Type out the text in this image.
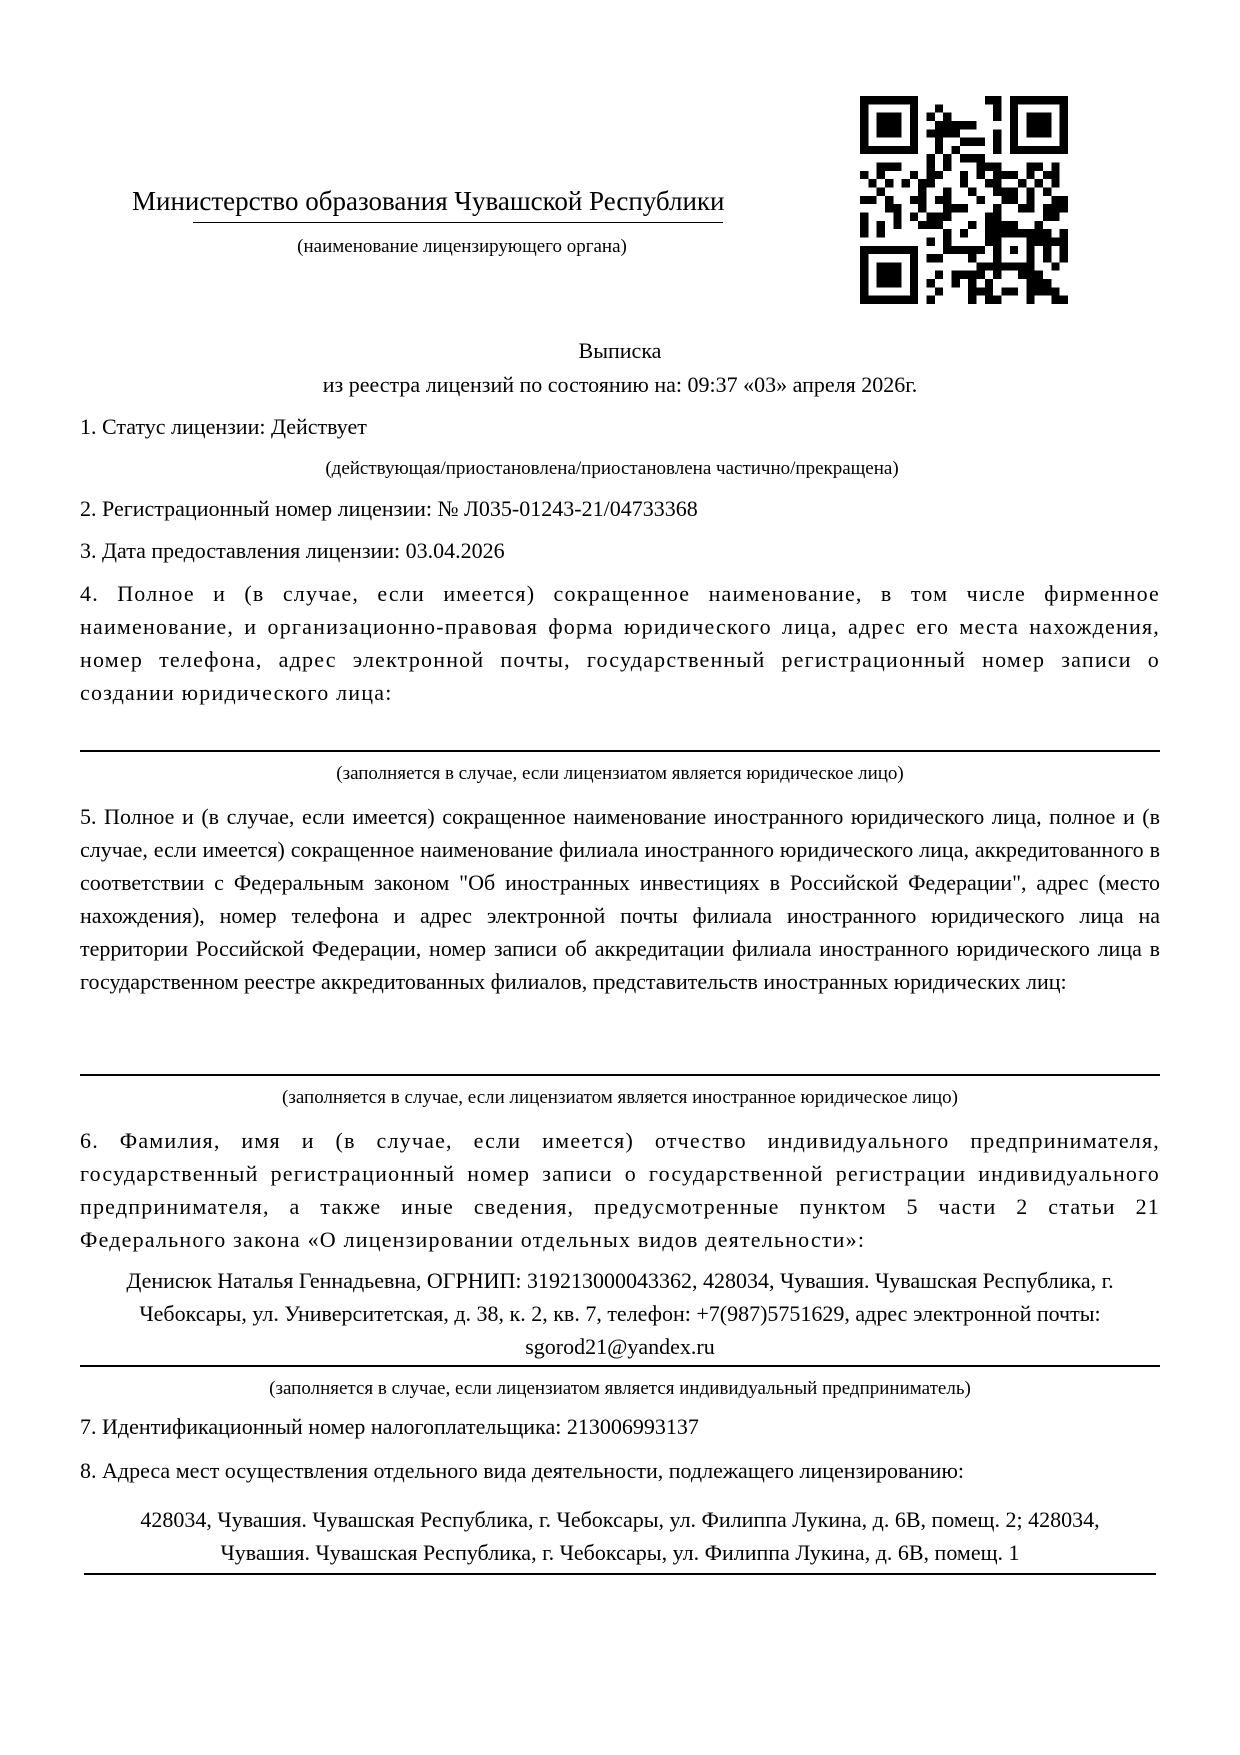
Министерство образования Чувашской Республики
(наименование лицензирующего органа)
Выписка
из реестра лицензий по состоянию на: 09:37 «03» апреля 2026г.
1. Статус лицензии: Действует
(действующая/приостановлена/приостановлена частично/прекращена)
2. Регистрационный номер лицензии: № Л035-01243-21/04733368
3. Дата предоставления лицензии: 03.04.2026
4. Полное и (в случае, если имеется) сокращенное наименование, в том числе фирменное наименование, и организационно-правовая форма юридического лица, адрес его места нахождения, номер телефона, адрес электронной почты, государственный регистрационный номер записи о создании юридического лица:
(заполняется в случае, если лицензиатом является юридическое лицо)
5. Полное и (в случае, если имеется) сокращенное наименование иностранного юридического лица, полное и (в случае, если имеется) сокращенное наименование филиала иностранного юридического лица, аккредитованного в соответствии с Федеральным законом "Об иностранных инвестициях в Российской Федерации", адрес (место нахождения), номер телефона и адрес электронной почты филиала иностранного юридического лица на территории Российской Федерации, номер записи об аккредитации филиала иностранного юридического лица в государственном реестре аккредитованных филиалов, представительств иностранных юридических лиц:
(заполняется в случае, если лицензиатом является иностранное юридическое лицо)
6. Фамилия, имя и (в случае, если имеется) отчество индивидуального предпринимателя, государственный регистрационный номер записи о государственной регистрации индивидуального предпринимателя, а также иные сведения, предусмотренные пунктом 5 части 2 статьи 21 Федерального закона «О лицензировании отдельных видов деятельности»:
Денисюк Наталья Геннадьевна, ОГРНИП: 319213000043362, 428034, Чувашия. Чувашская Республика, г. Чебоксары, ул. Университетская, д. 38, к. 2, кв. 7, телефон: +7(987)5751629, адрес электронной почты: sgorod21@yandex.ru
(заполняется в случае, если лицензиатом является индивидуальный предприниматель)
7. Идентификационный номер налогоплательщика: 213006993137
8. Адреса мест осуществления отдельного вида деятельности, подлежащего лицензированию:
428034, Чувашия. Чувашская Республика, г. Чебоксары, ул. Филиппа Лукина, д. 6В, помещ. 2; 428034, Чувашия. Чувашская Республика, г. Чебоксары, ул. Филиппа Лукина, д. 6В, помещ. 1
